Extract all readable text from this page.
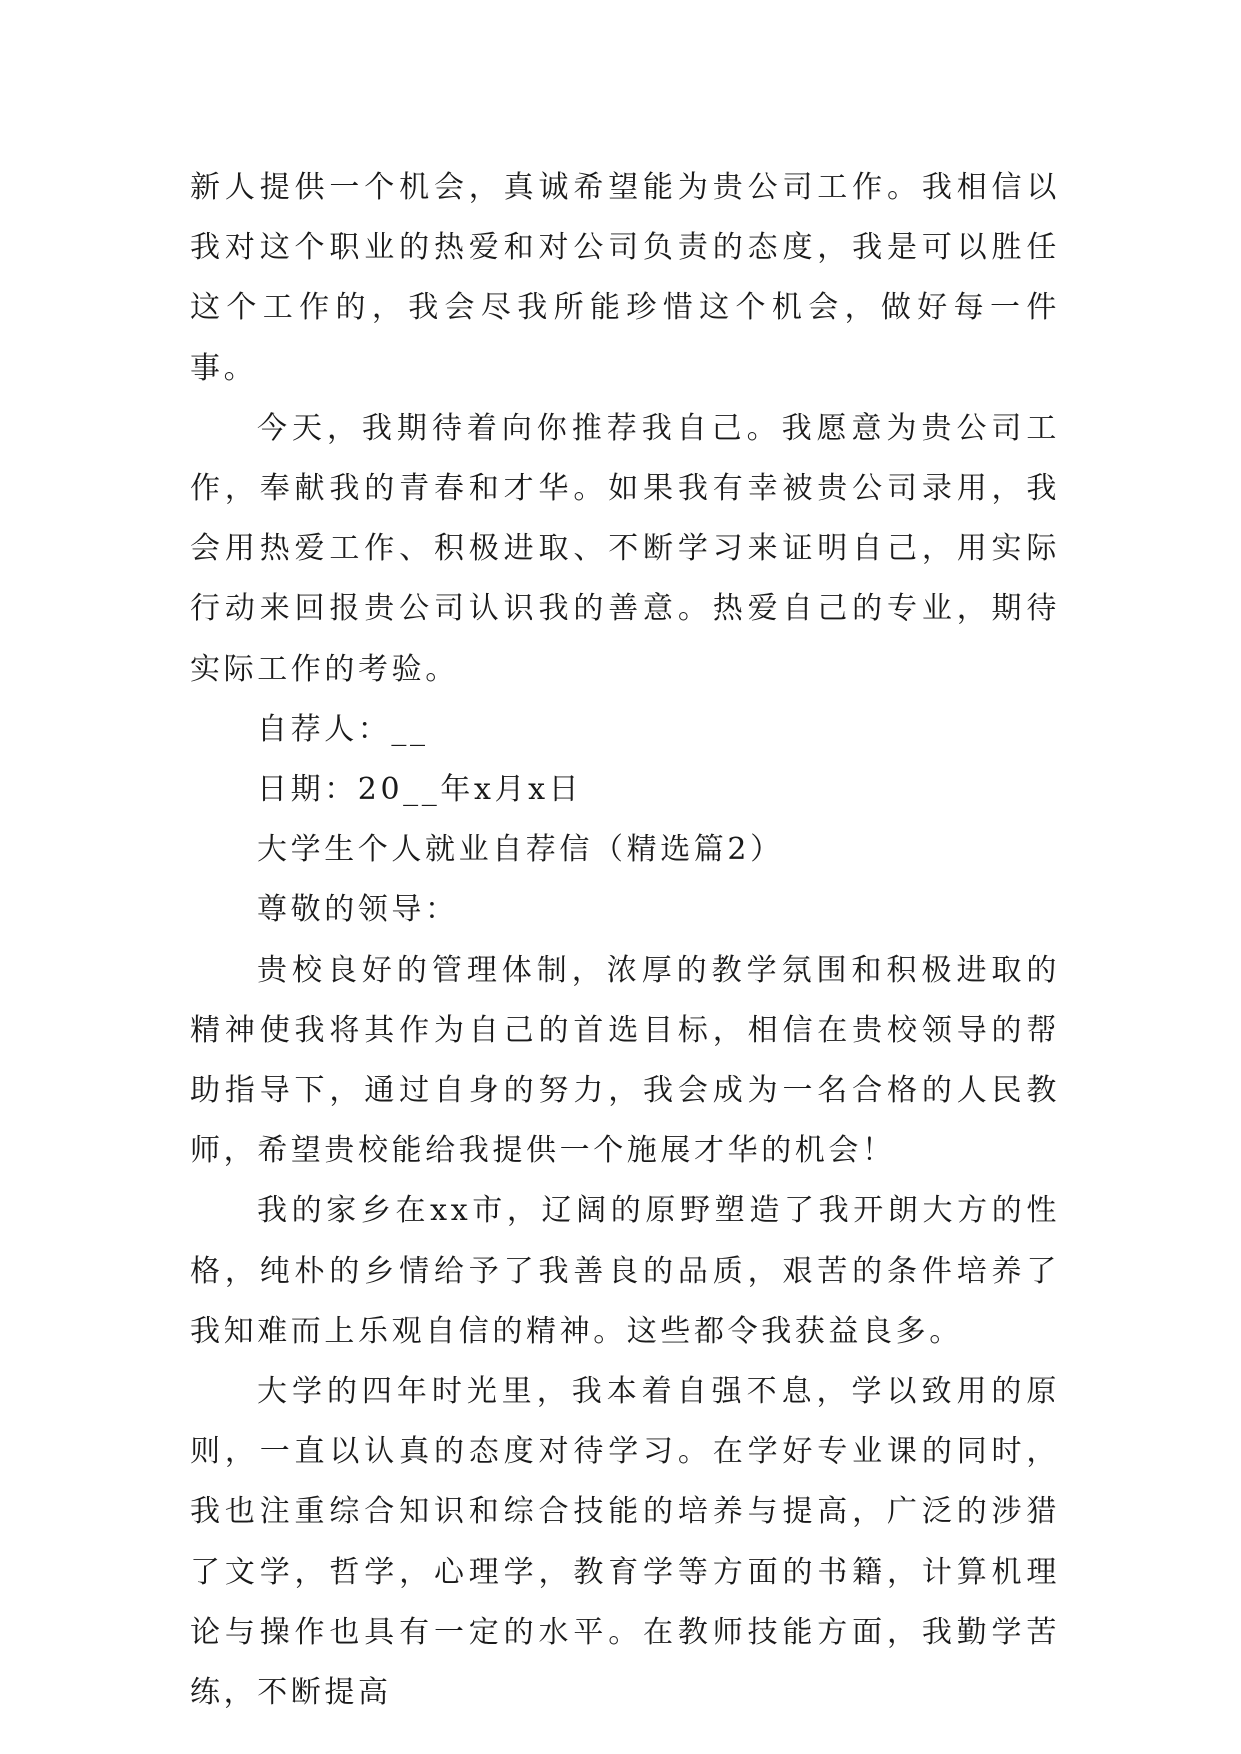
新人提供一个机会，真诚希望能为贵公司工作。我相信以我对这个职业的热爱和对公司负责的态度，我是可以胜任这个工作的，我会尽我所能珍惜这个机会，做好每一件事。

今天，我期待着向你推荐我自己。我愿意为贵公司工作，奉献我的青春和才华。如果我有幸被贵公司录用，我会用热爱工作、积极进取、不断学习来证明自己，用实际行动来回报贵公司认识我的善意。热爱自己的专业，期待实际工作的考验。

自荐人：__

日期：20__年x月x日

大学生个人就业自荐信（精选篇2）

尊敬的领导：

贵校良好的管理体制，浓厚的教学氛围和积极进取的精神使我将其作为自己的首选目标，相信在贵校领导的帮助指导下，通过自身的努力，我会成为一名合格的人民教师，希望贵校能给我提供一个施展才华的机会！

我的家乡在xx市，辽阔的原野塑造了我开朗大方的性格，纯朴的乡情给予了我善良的品质，艰苦的条件培养了我知难而上乐观自信的精神。这些都令我获益良多。

大学的四年时光里，我本着自强不息，学以致用的原则，一直以认真的态度对待学习。在学好专业课的同时，我也注重综合知识和综合技能的培养与提高，广泛的涉猎了文学，哲学，心理学，教育学等方面的书籍，计算机理论与操作也具有一定的水平。在教师技能方面，我勤学苦练，不断提高
